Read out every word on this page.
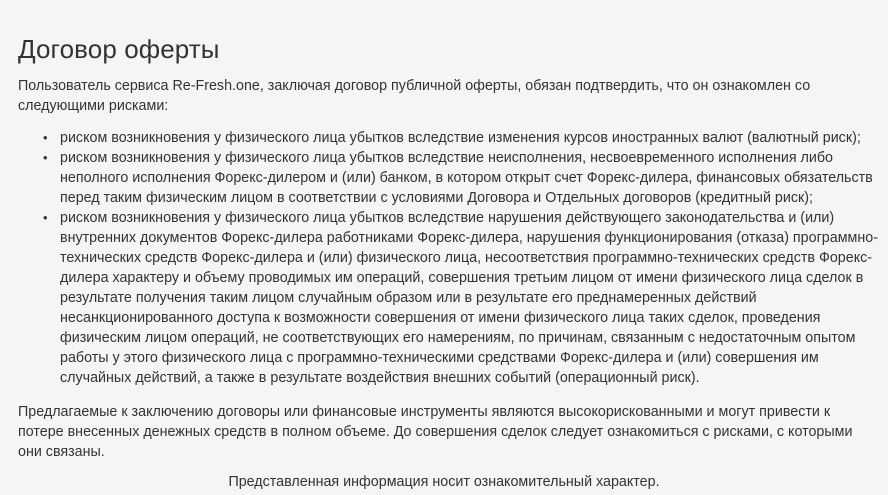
Договор оферты

Пользователь сервиса Re-Fresh.one, заключая договор публичной оферты, обязан подтвердить, что он ознакомлен со следующими рисками:

• риском возникновения у физического лица убытков вследствие изменения курсов иностранных валют (валютный риск);
• риском возникновения у физического лица убытков вследствие неисполнения, несвоевременного исполнения либо неполного исполнения Форекс-дилером и (или) банком, в котором открыт счет Форекс-дилера, финансовых обязательств перед таким физическим лицом в соответствии с условиями Договора и Отдельных договоров (кредитный риск);
• риском возникновения у физического лица убытков вследствие нарушения действующего законодательства и (или) внутренних документов Форекс-дилера работниками Форекс-дилера, нарушения функционирования (отказа) программно-технических средств Форекс-дилера и (или) физического лица, несоответствия программно-технических средств Форекс-дилера характеру и объему проводимых им операций, совершения третьим лицом от имени физического лица сделок в результате получения таким лицом случайным образом или в результате его преднамеренных действий несанкционированного доступа к возможности совершения от имени физического лица таких сделок, проведения физическим лицом операций, не соответствующих его намерениям, по причинам, связанным с недостаточным опытом работы у этого физического лица с программно-техническими средствами Форекс-дилера и (или) совершения им случайных действий, а также в результате воздействия внешних событий (операционный риск).

Предлагаемые к заключению договоры или финансовые инструменты являются высокорискованными и могут привести к потере внесенных денежных средств в полном объеме. До совершения сделок следует ознакомиться с рисками, с которыми они связаны.

Представленная информация носит ознакомительный характер.
